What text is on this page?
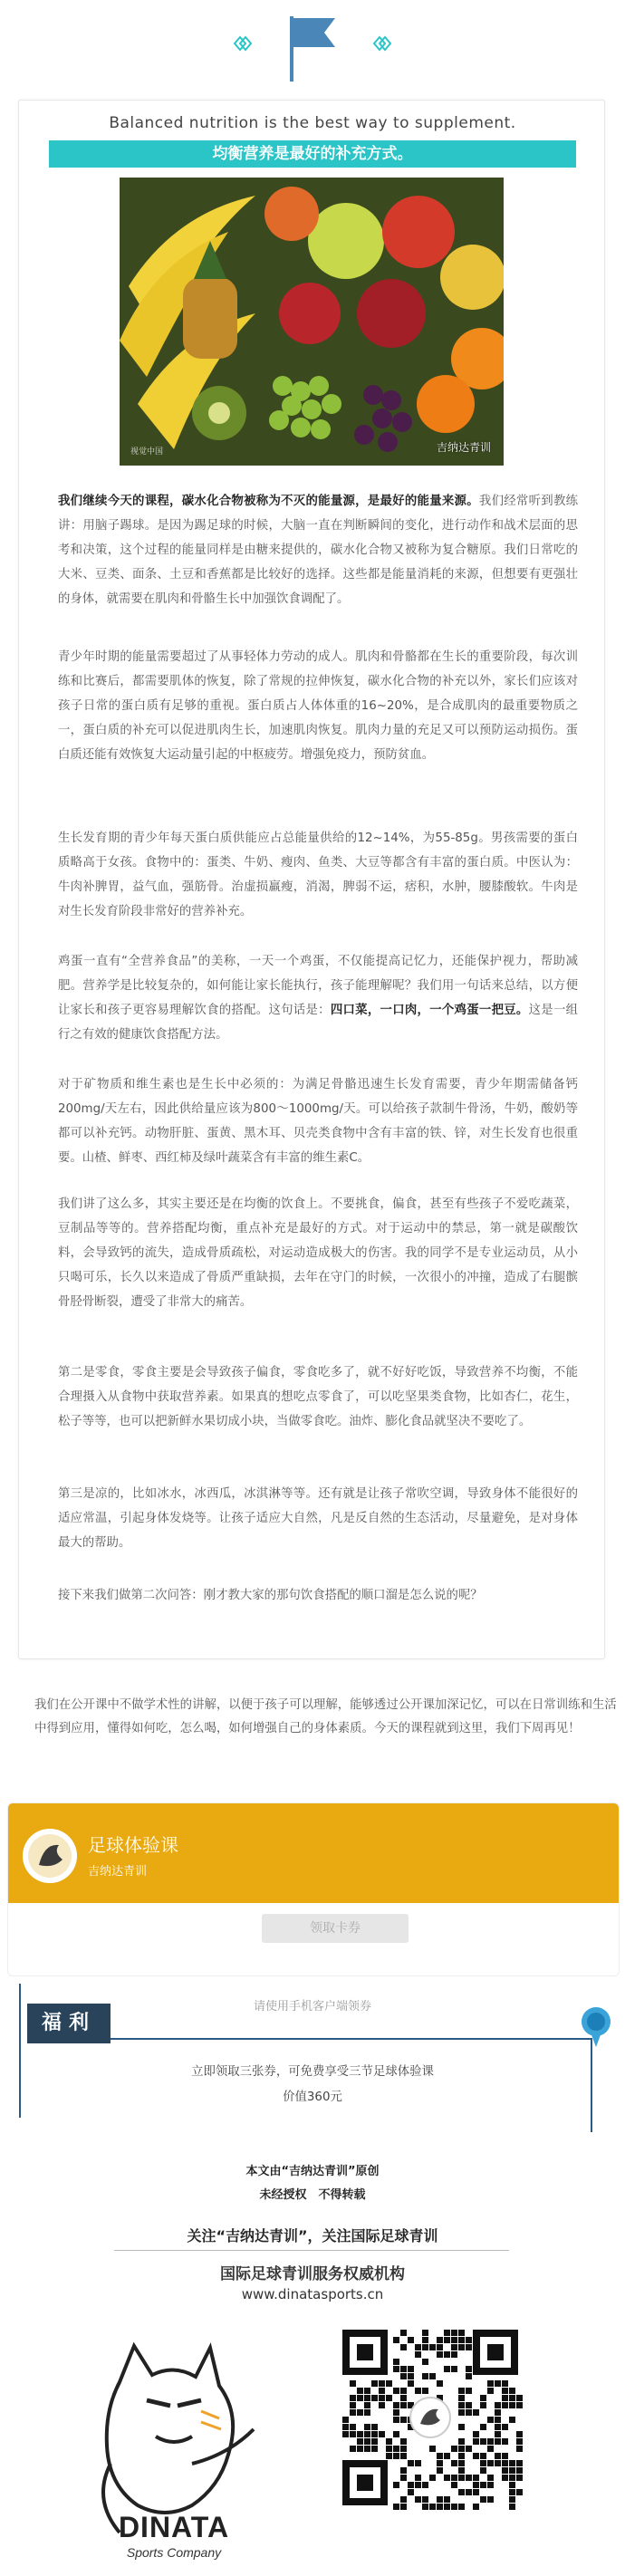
Balanced nutrition is the best way to supplement.
均衡营养是最好的补充方式。
视觉中国	吉纳达青训
我们继续今天的课程，碳水化合物被称为不灭的能量源，是最好的能量来源。我们经常听到教练讲：用脑子踢球。是因为踢足球的时候，大脑一直在判断瞬间的变化，进行动作和战术层面的思考和决策，这个过程的能量同样是由糖来提供的，碳水化合物又被称为复合糖原。我们日常吃的大米、豆类、面条、土豆和香蕉都是比较好的选择。这些都是能量消耗的来源，但想要有更强壮的身体，就需要在肌肉和骨骼生长中加强饮食调配了。
青少年时期的能量需要超过了从事轻体力劳动的成人。肌肉和骨骼都在生长的重要阶段，每次训练和比赛后，都需要肌体的恢复，除了常规的拉伸恢复，碳水化合物的补充以外，家长们应该对孩子日常的蛋白质有足够的重视。蛋白质占人体体重的16~20%，是合成肌肉的最重要物质之一，蛋白质的补充可以促进肌肉生长，加速肌肉恢复。肌肉力量的充足又可以预防运动损伤。蛋白质还能有效恢复大运动量引起的中枢疲劳。增强免疫力，预防贫血。
生长发育期的青少年每天蛋白质供能应占总能量供给的12~14%，为55-85g。男孩需要的蛋白质略高于女孩。食物中的：蛋类、牛奶、瘦肉、鱼类、大豆等都含有丰富的蛋白质。中医认为：牛肉补脾胃，益气血，强筋骨。治虚损羸瘦，消渴，脾弱不运，痞积，水肿，腰膝酸软。牛肉是对生长发育阶段非常好的营养补充。
鸡蛋一直有“全营养食品”的美称，一天一个鸡蛋，不仅能提高记忆力，还能保护视力，帮助减肥。营养学是比较复杂的，如何能让家长能执行，孩子能理解呢？我们用一句话来总结，以方便让家长和孩子更容易理解饮食的搭配。这句话是：四口菜，一口肉，一个鸡蛋一把豆。这是一组行之有效的健康饮食搭配方法。
对于矿物质和维生素也是生长中必须的：为满足骨骼迅速生长发育需要，青少年期需储备钙200mg/天左右，因此供给量应该为800～1000mg/天。可以给孩子款制牛骨汤，牛奶，酸奶等都可以补充钙。动物肝脏、蛋黄、黑木耳、贝壳类食物中含有丰富的铁、锌，对生长发育也很重要。山楂、鲜枣、西红柿及绿叶蔬菜含有丰富的维生素C。
我们讲了这么多，其实主要还是在均衡的饮食上。不要挑食，偏食，甚至有些孩子不爱吃蔬菜，豆制品等等的。营养搭配均衡，重点补充是最好的方式。对于运动中的禁忌，第一就是碳酸饮料，会导致钙的流失，造成骨质疏松，对运动造成极大的伤害。我的同学不是专业运动员，从小只喝可乐，长久以来造成了骨质严重缺损，去年在守门的时候，一次很小的冲撞，造成了右腿髌骨胫骨断裂，遭受了非常大的痛苦。
第二是零食，零食主要是会导致孩子偏食，零食吃多了，就不好好吃饭，导致营养不均衡，不能合理摄入从食物中获取营养素。如果真的想吃点零食了，可以吃坚果类食物，比如杏仁，花生，松子等等，也可以把新鲜水果切成小块，当做零食吃。油炸、膨化食品就坚决不要吃了。
第三是凉的，比如冰水，冰西瓜，冰淇淋等等。还有就是让孩子常吹空调，导致身体不能很好的适应常温，引起身体发烧等。让孩子适应大自然，凡是反自然的生态活动，尽量避免，是对身体最大的帮助。
接下来我们做第二次问答：刚才教大家的那句饮食搭配的顺口溜是怎么说的呢？
我们在公开课中不做学术性的讲解，以便于孩子可以理解，能够透过公开课加深记忆，可以在日常训练和生活中得到应用，懂得如何吃，怎么喝，如何增强自己的身体素质。今天的课程就到这里，我们下周再见！
足球体验课
吉纳达青训
领取卡券
请使用手机客户端领券
福利
立即领取三张券，可免费享受三节足球体验课
价值360元
本文由“吉纳达青训”原创
未经授权　不得转载
关注“吉纳达青训”，关注国际足球青训
国际足球青训服务权威机构
www.dinatasports.cn
DINATA
Sports Company
